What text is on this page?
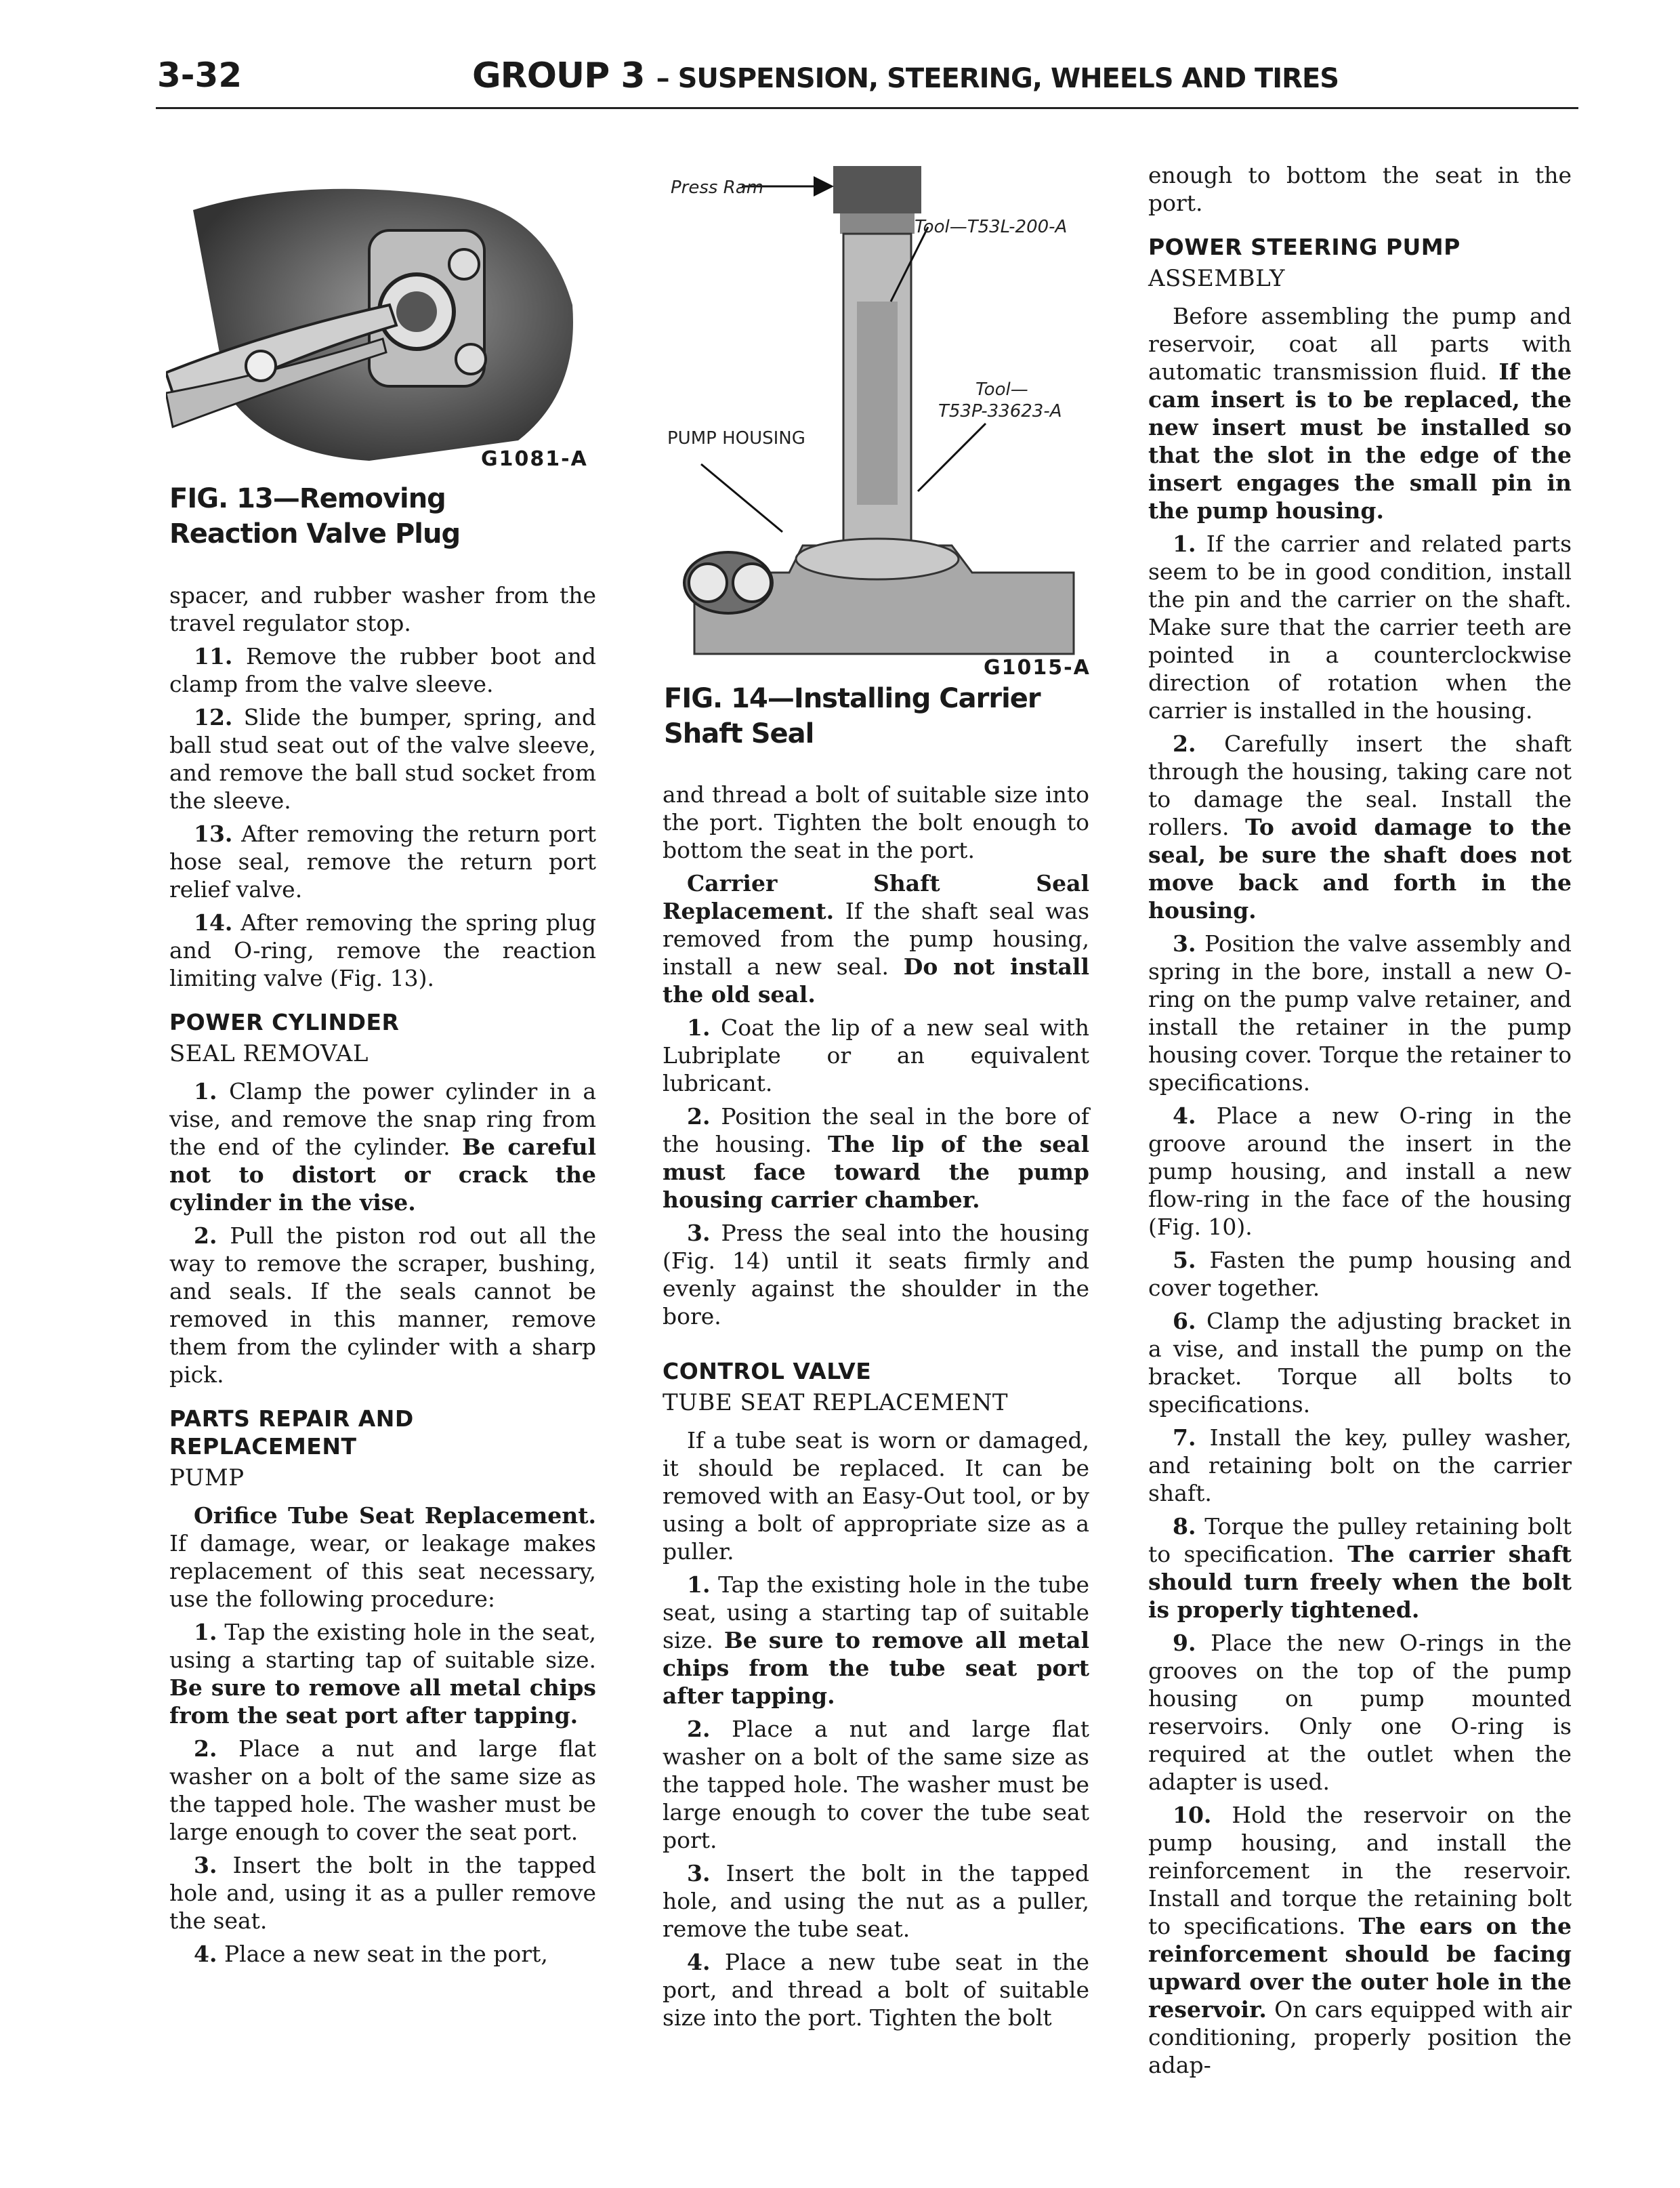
3-32	GROUP 3 – SUSPENSION, STEERING, WHEELS AND TIRES
G1081-A
FIG. 13—Removing Reaction Valve Plug
Press Ram
Tool—T53L-200-A
Tool—
T53P-33623-A
PUMP HOUSING
G1015-A
FIG. 14—Installing Carrier Shaft Seal

spacer, and rubber washer from the travel regulator stop.

11. Remove the rubber boot and clamp from the valve sleeve.

12. Slide the bumper, spring, and ball stud seat out of the valve sleeve, and remove the ball stud socket from the sleeve.

13. After removing the return port hose seal, remove the return port relief valve.

14. After removing the spring plug and O-ring, remove the reaction limiting valve (Fig. 13).

POWER CYLINDER
SEAL REMOVAL

1. Clamp the power cylinder in a vise, and remove the snap ring from the end of the cylinder. Be careful not to distort or crack the cylinder in the vise.

2. Pull the piston rod out all the way to remove the scraper, bushing, and seals. If the seals cannot be removed in this manner, remove them from the cylinder with a sharp pick.

PARTS REPAIR AND REPLACEMENT
PUMP

Orifice Tube Seat Replacement. If damage, wear, or leakage makes replacement of this seat necessary, use the following procedure:

1. Tap the existing hole in the seat, using a starting tap of suitable size. Be sure to remove all metal chips from the seat port after tapping.

2. Place a nut and large flat washer on a bolt of the same size as the tapped hole. The washer must be large enough to cover the seat port.

3. Insert the bolt in the tapped hole and, using it as a puller remove the seat.

4. Place a new seat in the port,

and thread a bolt of suitable size into the port. Tighten the bolt enough to bottom the seat in the port.

Carrier Shaft Seal Replacement. If the shaft seal was removed from the pump housing, install a new seal. Do not install the old seal.

1. Coat the lip of a new seal with Lubriplate or an equivalent lubricant.

2. Position the seal in the bore of the housing. The lip of the seal must face toward the pump housing carrier chamber.

3. Press the seal into the housing (Fig. 14) until it seats firmly and evenly against the shoulder in the bore.

CONTROL VALVE
TUBE SEAT REPLACEMENT

If a tube seat is worn or damaged, it should be replaced. It can be removed with an Easy-Out tool, or by using a bolt of appropriate size as a puller.

1. Tap the existing hole in the tube seat, using a starting tap of suitable size. Be sure to remove all metal chips from the tube seat port after tapping.

2. Place a nut and large flat washer on a bolt of the same size as the tapped hole. The washer must be large enough to cover the tube seat port.

3. Insert the bolt in the tapped hole, and using the nut as a puller, remove the tube seat.

4. Place a new tube seat in the port, and thread a bolt of suitable size into the port. Tighten the bolt

enough to bottom the seat in the port.

POWER STEERING PUMP
ASSEMBLY

Before assembling the pump and reservoir, coat all parts with automatic transmission fluid. If the cam insert is to be replaced, the new insert must be installed so that the slot in the edge of the insert engages the small pin in the pump housing.

1. If the carrier and related parts seem to be in good condition, install the pin and the carrier on the shaft. Make sure that the carrier teeth are pointed in a counterclockwise direction of rotation when the carrier is installed in the housing.

2. Carefully insert the shaft through the housing, taking care not to damage the seal. Install the rollers. To avoid damage to the seal, be sure the shaft does not move back and forth in the housing.

3. Position the valve assembly and spring in the bore, install a new O-ring on the pump valve retainer, and install the retainer in the pump housing cover. Torque the retainer to specifications.

4. Place a new O-ring in the groove around the insert in the pump housing, and install a new flow-ring in the face of the housing (Fig. 10).

5. Fasten the pump housing and cover together.

6. Clamp the adjusting bracket in a vise, and install the pump on the bracket. Torque all bolts to specifications.

7. Install the key, pulley washer, and retaining bolt on the carrier shaft.

8. Torque the pulley retaining bolt to specification. The carrier shaft should turn freely when the bolt is properly tightened.

9. Place the new O-rings in the grooves on the top of the pump housing on pump mounted reservoirs. Only one O-ring is required at the outlet when the adapter is used.

10. Hold the reservoir on the pump housing, and install the reinforcement in the reservoir. Install and torque the retaining bolt to specifications. The ears on the reinforcement should be facing upward over the outer hole in the reservoir. On cars equipped with air conditioning, properly position the adap-
